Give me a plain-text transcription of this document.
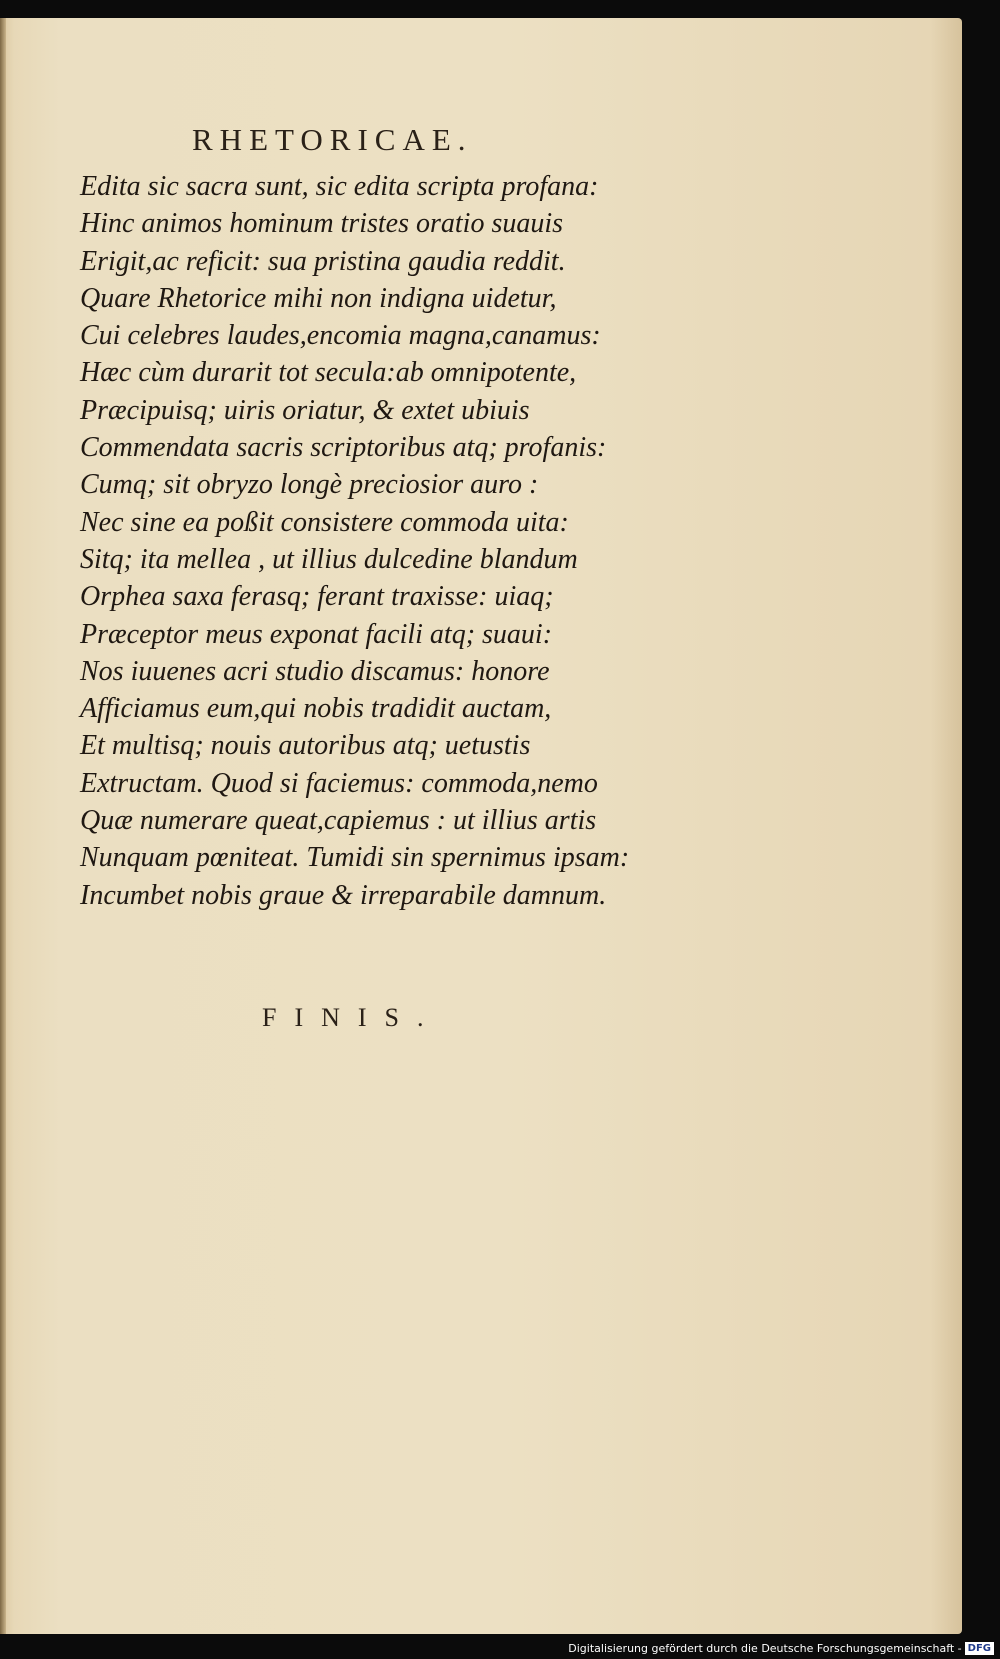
RHETORICAE.
Edita sic sacra sunt, sic edita scripta profana:
Hinc animos hominum tristes oratio suauis
Erigit,ac reficit: sua pristina gaudia reddit.
Quare Rhetorice mihi non indigna uidetur,
Cui celebres laudes,encomia magna,canamus:
Hæc cùm durarit tot secula:ab omnipotente,
Præcipuisq; uiris oriatur, & extet ubiuis
Commendata sacris scriptoribus atq; profanis:
Cumq; sit obryzo longè preciosior auro :
Nec sine ea poßit consistere commoda uita:
Sitq; ita mellea , ut illius dulcedine blandum
Orphea saxa ferasq; ferant traxisse: uiaq;
Præceptor meus exponat facili atq; suaui:
Nos iuuenes acri studio discamus: honore
Afficiamus eum,qui nobis tradidit auctam,
Et multisq; nouis autoribus atq; uetustis
Extructam. Quod si faciemus: commoda,nemo
Quæ numerare queat,capiemus : ut illius artis
Nunquam pœniteat. Tumidi sin spernimus ipsam:
Incumbet nobis graue & irreparabile damnum.
FINIS.
Digitalisierung gefördert durch die Deutsche Forschungsgemeinschaft - DFG
